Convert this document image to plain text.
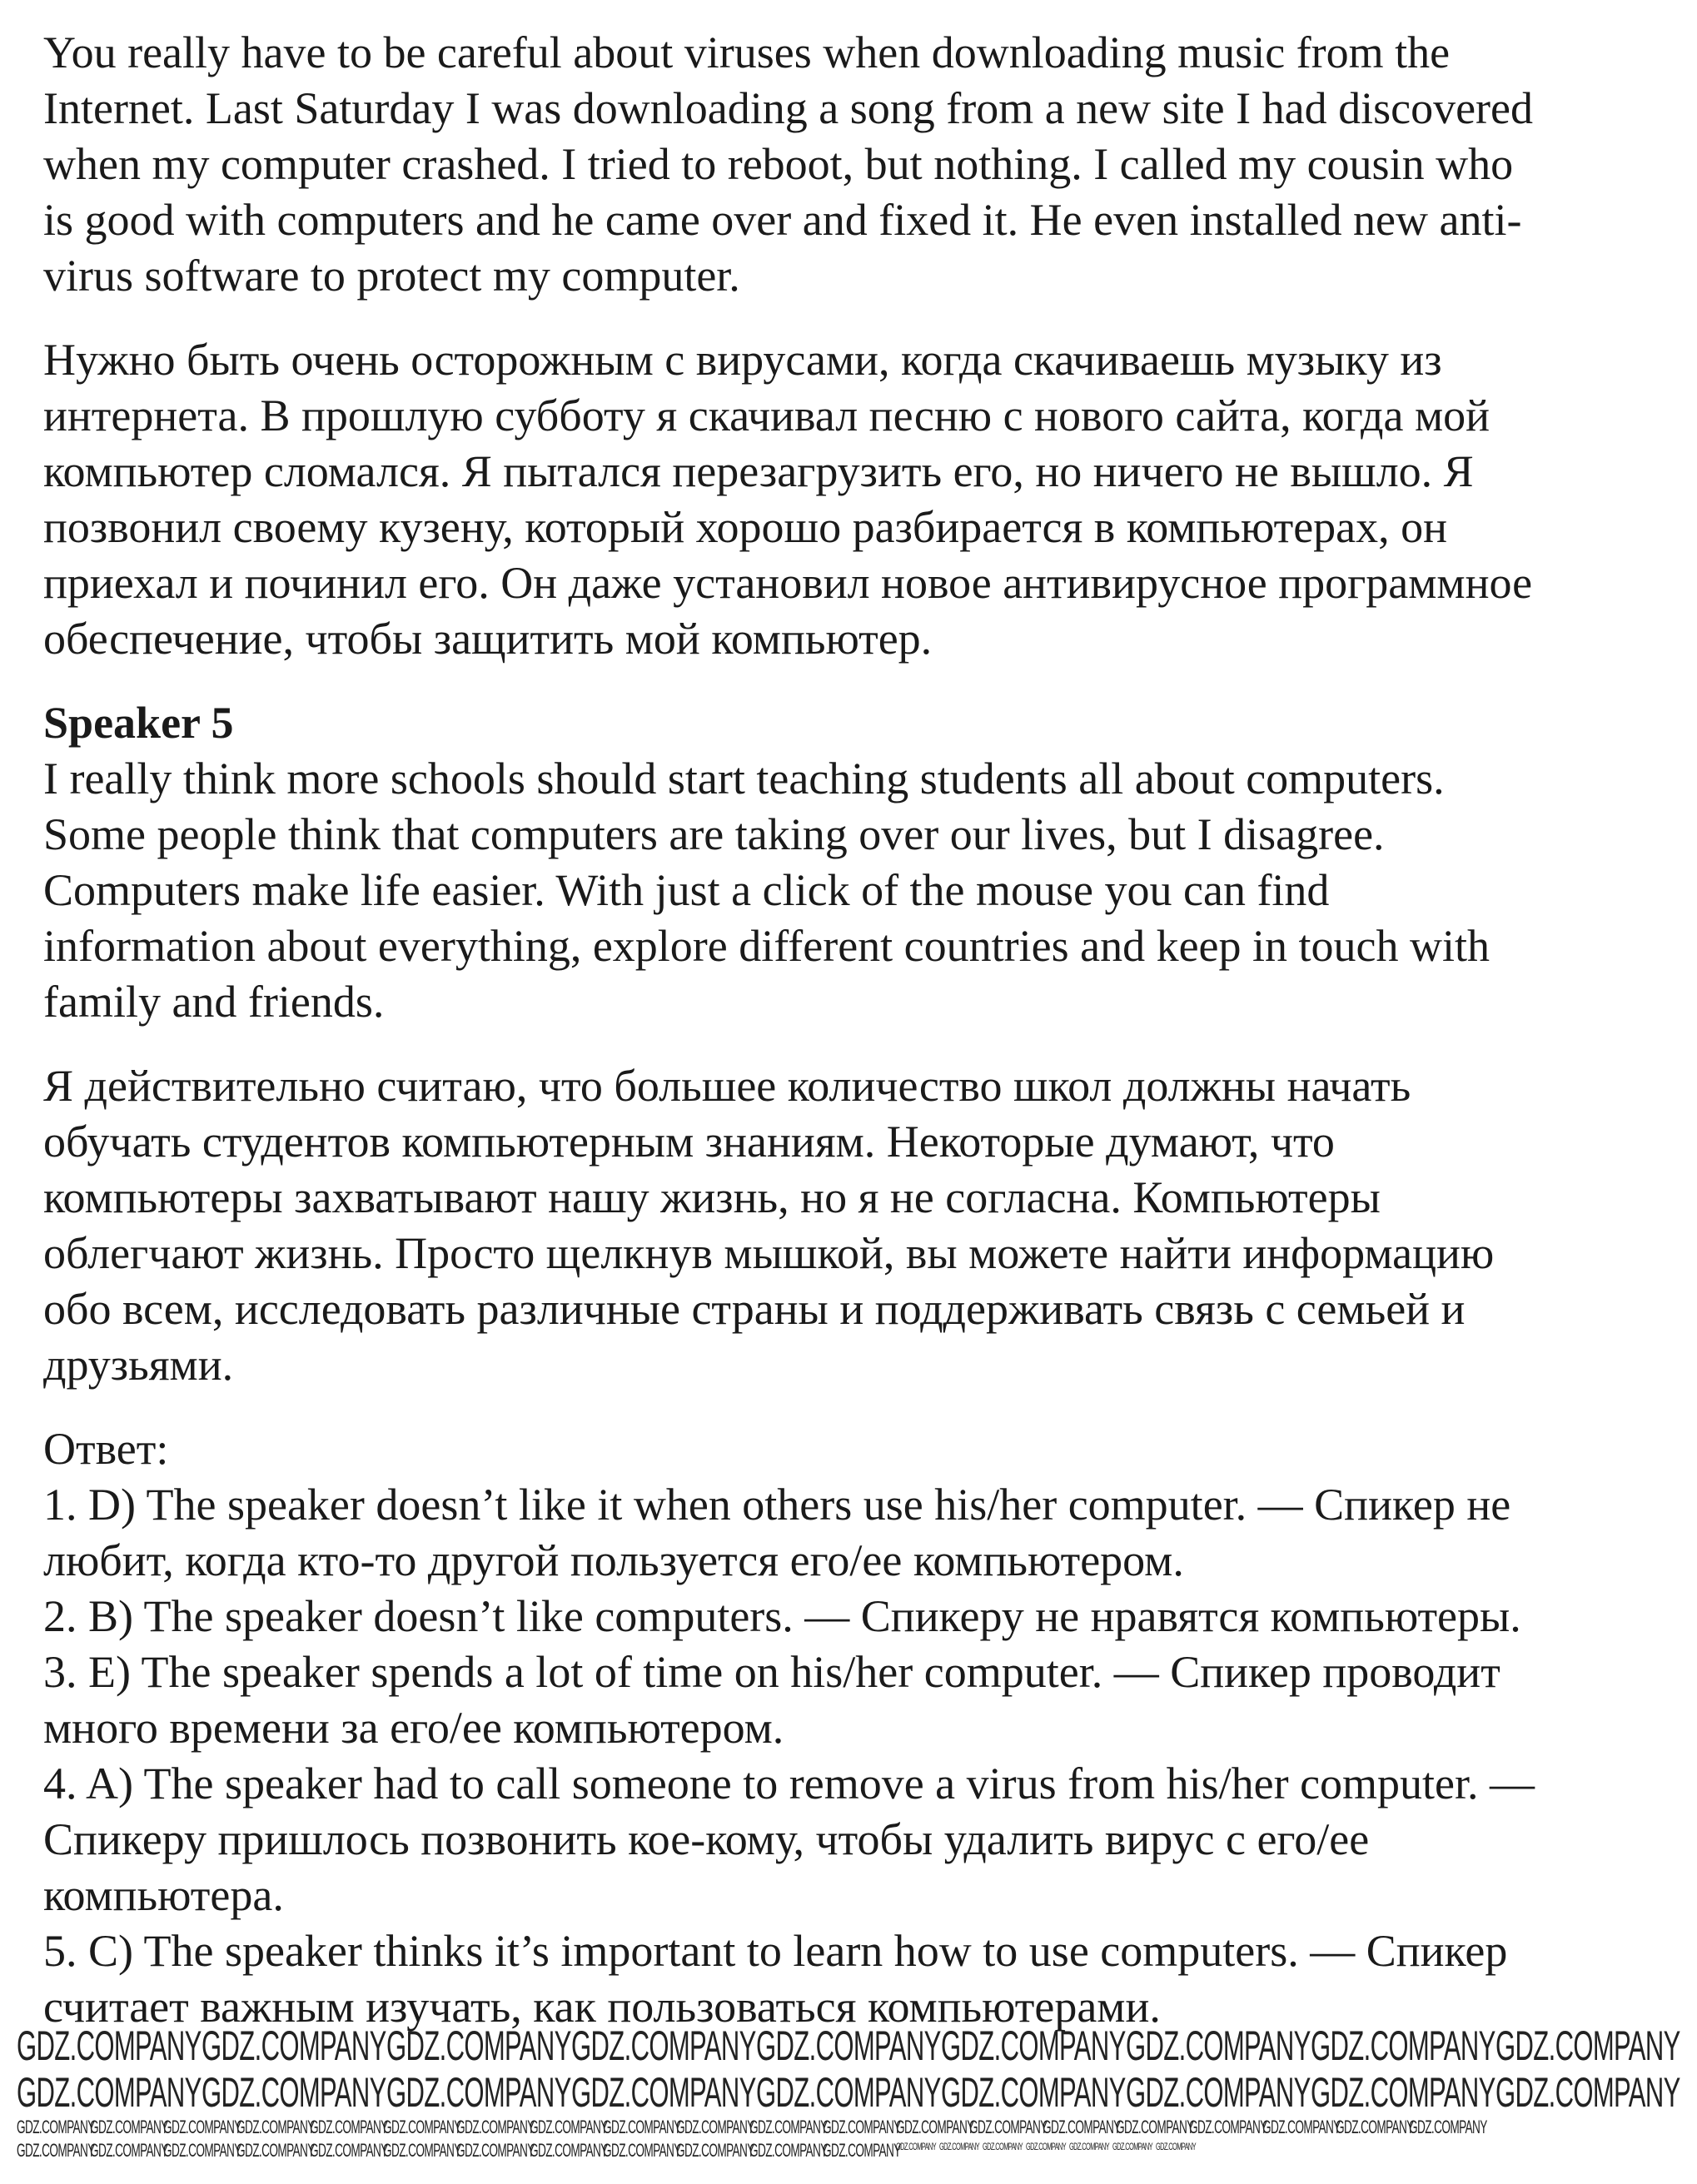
You really have to be careful about viruses when downloading music from the
Internet. Last Saturday I was downloading a song from a new site I had discovered
when my computer crashed. I tried to reboot, but nothing. I called my cousin who
is good with computers and he came over and fixed it. He even installed new anti-
virus software to protect my computer.
Нужно быть очень осторожным с вирусами, когда скачиваешь музыку из
интернета. В прошлую субботу я скачивал песню с нового сайта, когда мой
компьютер сломался. Я пытался перезагрузить его, но ничего не вышло. Я
позвонил своему кузену, который хорошо разбирается в компьютерах, он
приехал и починил его. Он даже установил новое антивирусное программное
обеспечение, чтобы защитить мой компьютер.
Speaker 5
I really think more schools should start teaching students all about computers.
Some people think that computers are taking over our lives, but I disagree.
Computers make life easier. With just a click of the mouse you can find
information about everything, explore different countries and keep in touch with
family and friends.
Я действительно считаю, что большее количество школ должны начать
обучать студентов компьютерным знаниям. Некоторые думают, что
компьютеры захватывают нашу жизнь, но я не согласна. Компьютеры
облегчают жизнь. Просто щелкнув мышкой, вы можете найти информацию
обо всем, исследовать различные страны и поддерживать связь с семьей и
друзьями.
Ответ:
1. D) The speaker doesn’t like it when others use his/her computer. — Спикер не
любит, когда кто-то другой пользуется его/ее компьютером.
2. B) The speaker doesn’t like computers. — Спикеру не нравятся компьютеры.
3. E) The speaker spends a lot of time on his/her computer. — Спикер проводит
много времени за его/ее компьютером.
4. A) The speaker had to call someone to remove a virus from his/her computer. —
Спикеру пришлось позвонить кое-кому, чтобы удалить вирус с его/ее
компьютера.
5. C) The speaker thinks it’s important to learn how to use computers. — Спикер
считает важным изучать, как пользоваться компьютерами.
GDZ.COMPANY GDZ.COMPANY GDZ.COMPANY GDZ.COMPANY GDZ.COMPANY GDZ.COMPANY GDZ.COMPANY GDZ.COMPANY GDZ.COMPANY
GDZ.COMPANY GDZ.COMPANY GDZ.COMPANY GDZ.COMPANY GDZ.COMPANY GDZ.COMPANY GDZ.COMPANY GDZ.COMPANY GDZ.COMPANY
GDZ.COMPANY
GDZ.COMPANY
GDZ.COMPANY
GDZ.COMPANY
GDZ.COMPANY
GDZ.COMPANY
GDZ.COMPANY
GDZ.COMPANY
GDZ.COMPANY
GDZ.COMPANY
GDZ.COMPANY
GDZ.COMPANY
GDZ.COMPANY
GDZ.COMPANY
GDZ.COMPANY
GDZ.COMPANY
GDZ.COMPANY
GDZ.COMPANY
GDZ.COMPANY
GDZ.COMPANY
GDZ.COMPANY
GDZ.COMPANY
GDZ.COMPANY
GDZ.COMPANY
GDZ.COMPANY
GDZ.COMPANY
GDZ.COMPANY
GDZ.COMPANY
GDZ.COMPANY
GDZ.COMPANY
GDZ.COMPANY
GDZ.COMPANY
GDZ.COMPANY GDZ.COMPANY GDZ.COMPANY GDZ.COMPANY GDZ.COMPANY GDZ.COMPANY GDZ.COMPANY
